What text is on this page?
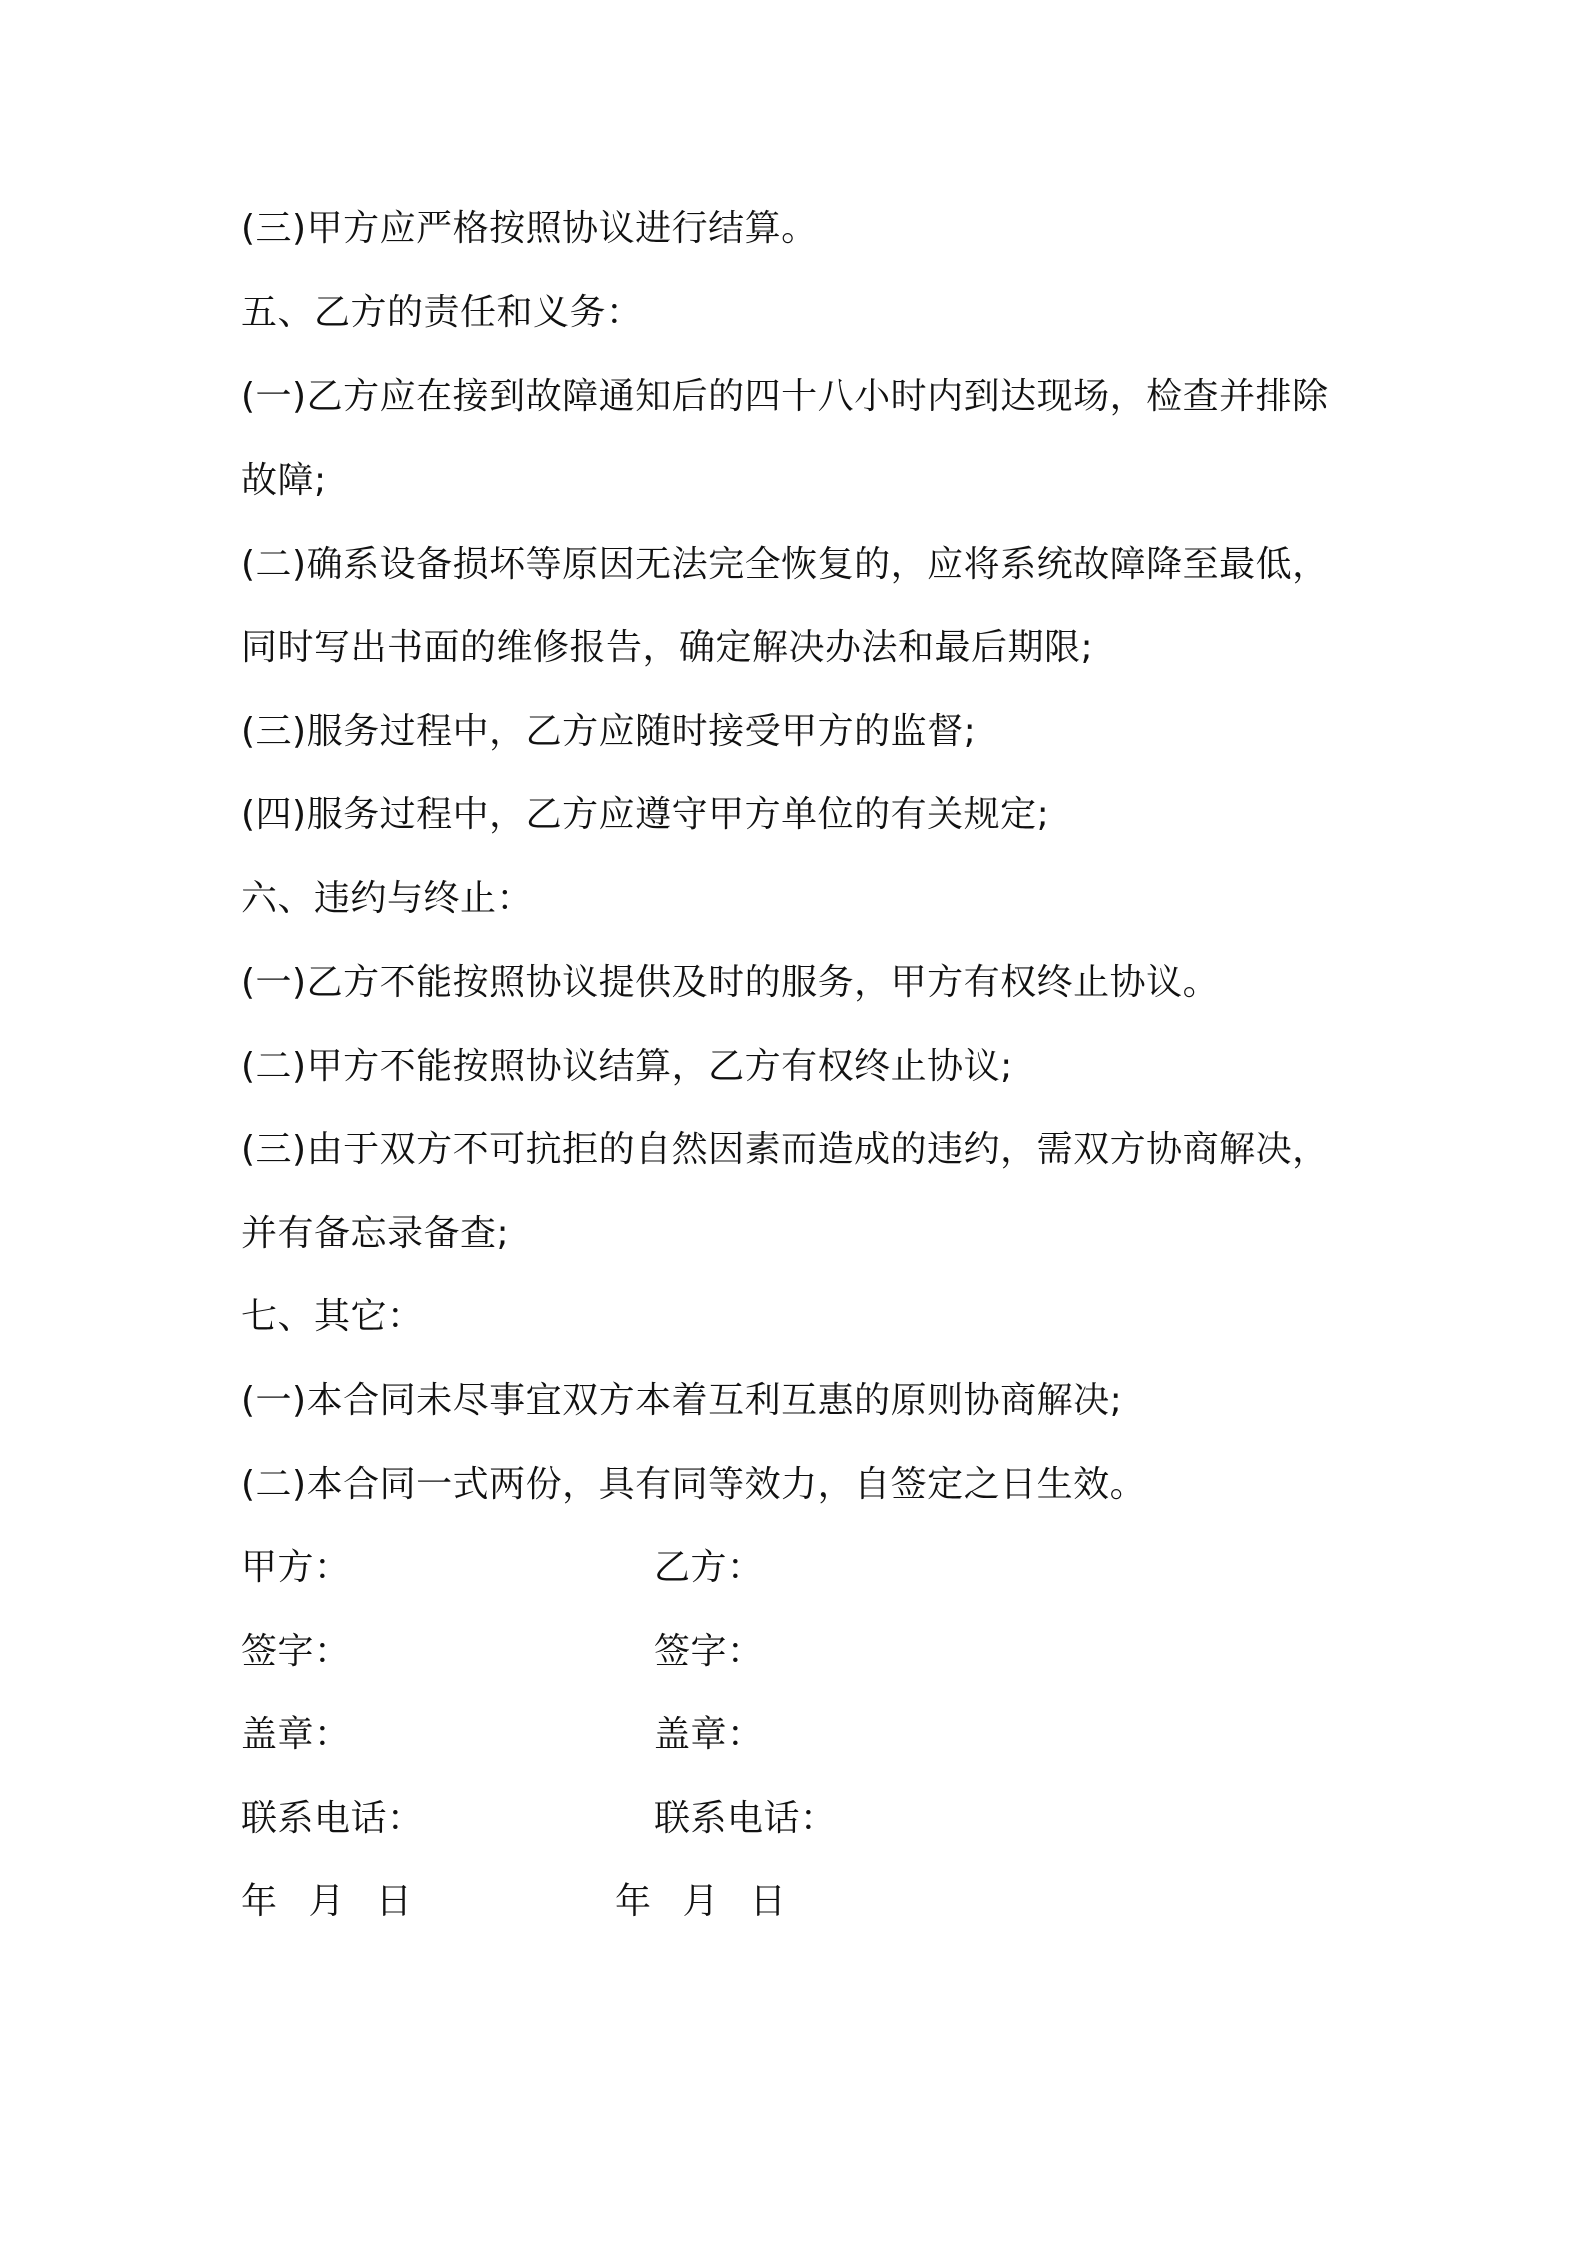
(三)甲方应严格按照协议进行结算。
五、乙方的责任和义务：
(一)乙方应在接到故障通知后的四十八小时内到达现场，检查并排除
故障;
(二)确系设备损坏等原因无法完全恢复的，应将系统故障降至最低，
同时写出书面的维修报告，确定解决办法和最后期限;
(三)服务过程中，乙方应随时接受甲方的监督;
(四)服务过程中，乙方应遵守甲方单位的有关规定;
六、违约与终止：
(一)乙方不能按照协议提供及时的服务，甲方有权终止协议。
(二)甲方不能按照协议结算，乙方有权终止协议;
(三)由于双方不可抗拒的自然因素而造成的违约，需双方协商解决，
并有备忘录备查;
七、其它：
(一)本合同未尽事宜双方本着互利互惠的原则协商解决;
(二)本合同一式两份，具有同等效力，自签定之日生效。
甲方：	乙方：
签字：	签字：
盖章：	盖章：
联系电话：	联系电话：
年 月 日	年 月 日
